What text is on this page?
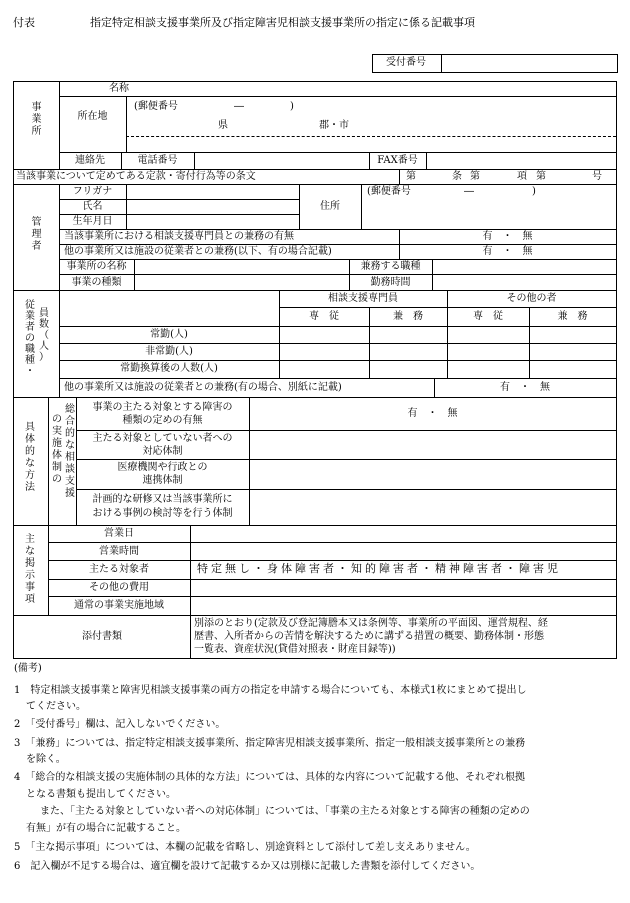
付表	指定特定相談支援事業所及び指定障害児相談支援事業所の指定に係る記載事項
受付番号
事
業
所
名称
所在地
(郵便番号	―	)
県	郡・市
連絡先	電話番号	FAX番号
当該事業について定めてある定款・寄付行為等の条文	第	条 第	項 第	号
管
理
者
フリガナ
氏名
生年月日
住所
(郵便番号	―	)
当該事業所における相談支援専門員との兼務の有無	有　・　無
他の事業所又は施設の従業者との兼務(以下、有の場合記載)	有　・　無
事業所の名称	兼務する職種
事業の種類	勤務時間
従
業
者
の
職
種
・
員
数
（
人
）
相談支援専門員	その他の者
専　従	兼　務	専　従	兼　務
常勤(人)
非常勤(人)
常勤換算後の人数(人)
他の事業所又は施設の従業者との兼務(有の場合、別紙に記載)	有　・　無
具
体
的
な
方
法
総
合
的
な
相
談
支
援
の
実
施
体
制
の
事業の主たる対象とする障害の
種類の定めの有無
有　・　無
主たる対象としていない者への
対応体制
医療機関や行政との
連携体制
計画的な研修又は当該事業所に
おける事例の検討等を行う体制
主
な
掲
示
事
項
営業日
営業時間
主たる対象者	特定無し・身体障害者・知的障害者・精神障害者・障害児
その他の費用
通常の事業実施地域
添付書類
別添のとおり(定款及び登記簿謄本又は条例等、事業所の平面図、運営規程、経
歴書、入所者からの苦情を解決するために講ずる措置の概要、勤務体制・形態
一覧表、資産状況(貸借対照表・財産目録等))
(備考)
1　特定相談支援事業と障害児相談支援事業の両方の指定を申請する場合についても、本様式1枚にまとめて提出し
てください。
2　「受付番号」欄は、記入しないでください。
3　「兼務」については、指定特定相談支援事業所、指定障害児相談支援事業所、指定一般相談支援事業所との兼務
を除く。
4　「総合的な相談支援の実施体制の具体的な方法」については、具体的な内容について記載する他、それぞれ根拠
となる書類も提出してください。
また、「主たる対象としていない者への対応体制」については、「事業の主たる対象とする障害の種類の定めの
有無」が有の場合に記載すること。
5　「主な掲示事項」については、本欄の記載を省略し、別途資料として添付して差し支えありません。
6　記入欄が不足する場合は、適宜欄を設けて記載するか又は別様に記載した書類を添付してください。
